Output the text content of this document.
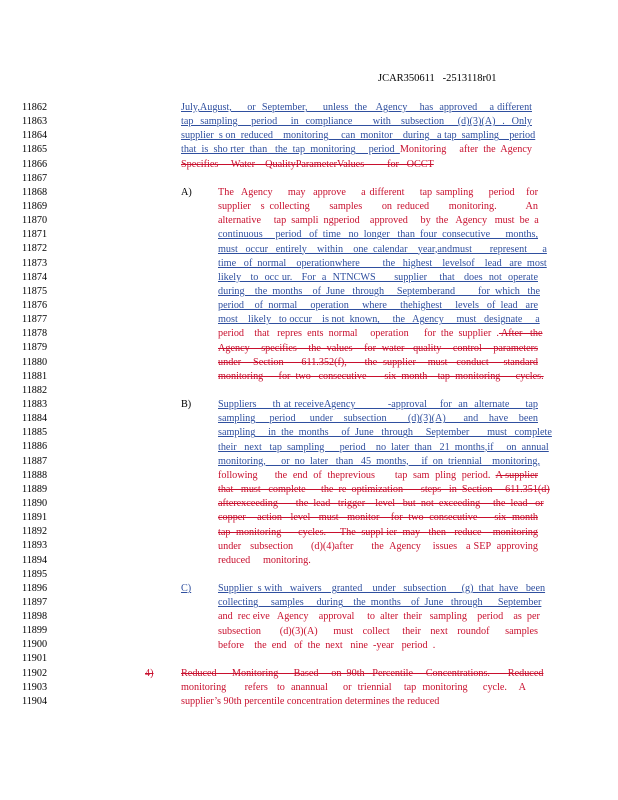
JCAR350611 -2513118r01
11862
11863
11864
11865
11866
11867
11868
11869
11870
11871
11872
11873
11874
11875
11876
11877
11878
11879
11880
11881
11882
11883
11884
11885
11886
11887
11888
11889
11890
11891
11892
11893
11894
11895
11896
11897
11898
11899
11900
11901
11902
11903
11904
A)
B)
C)
4)
July,August,     or  September,     unless  the   Agency    has  approved    a different
tap  sampling    period    in  compliance      with   subsection    (d)(3)(A)  .  Only
supplier  s on  reduced    monitoring     can  monitor    during   a tap  sampling    period
that  is  sho rter  than   the  tap  monitoring     period  Monitoring     after  the  Agency
Specifies     Water    QualityParameterValues         for   OCCT
The  Agency    may  approve    a different    tap sampling    period   for
supplier  s collecting    samples    on reduced    monitoring.      An
alternative     tap  sampli  ngperiod    approved     by  the   Agency   must  be  a
continuous     period   of  time   no  longer   than  four  consecutive      months,
must   occur   entirely    within    one  calendar    year,andmust       represent      a
time   of  normal    operationwhere         the   highest    levelsof    lead   are  most
likely   to  occ ur.   For  a  NTNCWS      supplier    that   does  not  operate
during    the  months    of  June   through     Septemberand         for  which   the
period    of  normal     operation     where     thehighest     levels   of  lead   are
most    likely   to occur    is not  known,     the   Agency     must   designate     a
period    that   repres  ents  normal     operation      for  the  supplier  . After   the
Agency    specifies    the  values    for  water   quality    control    parameters
under    Section      611.352(f),      the  supplier    must   conduct     standard
monitoring      for  two   consecutive       six  month    tap  monitoring      cycles.
Suppliers     th at receiveAgency          -approval    for  an  alternate     tap
sampling    period    under   subsection      (d)(3)(A)     and   have   been
sampling     in  the  months     of  June   through     September       must   complete
their   next   tap  sampling      period    no  later  than   21  months,if     on  annual
monitoring,      or  no  later   than   45  months,     if  on  triennial    monitoring,
following      the  end  of  theprevious       tap  sam  pling  period.  A supplier
that   must   complete      the  re  optimization       steps   in  Section     611.351(d)
afterexceeding       the  lead   trigger    level   but  not  exceeding     the  lead   or
copper    action   level   must   monitor    for  two  consecutive      six  month
tap  monitoring      cycles.     The  suppl ier  may   then   reduce    monitoring
under   subsection      (d)(4)after      the  Agency    issues   a SEP  approving
reduced     monitoring.
Supplier  s with   waivers    granted    under   subsection      (g)  that  have   been
collecting     samples     during    the  months    of  June   through      September
and  rec eive   Agency    approval     to  alter  their   sampling    period    as  per
subsection      (d)(3)(A)     must   collect    their   next   roundof     samples
before    the  end   of  the  next   nine  -year   period  .
Reduced      Monitoring      Based     on  90th   Percentile     Concentrations.       Reduced
monitoring      refers   to  anannual     or  triennial    tap  monitoring     cycle.    A
supplier’s 90th percentile concentration determines the reduced
